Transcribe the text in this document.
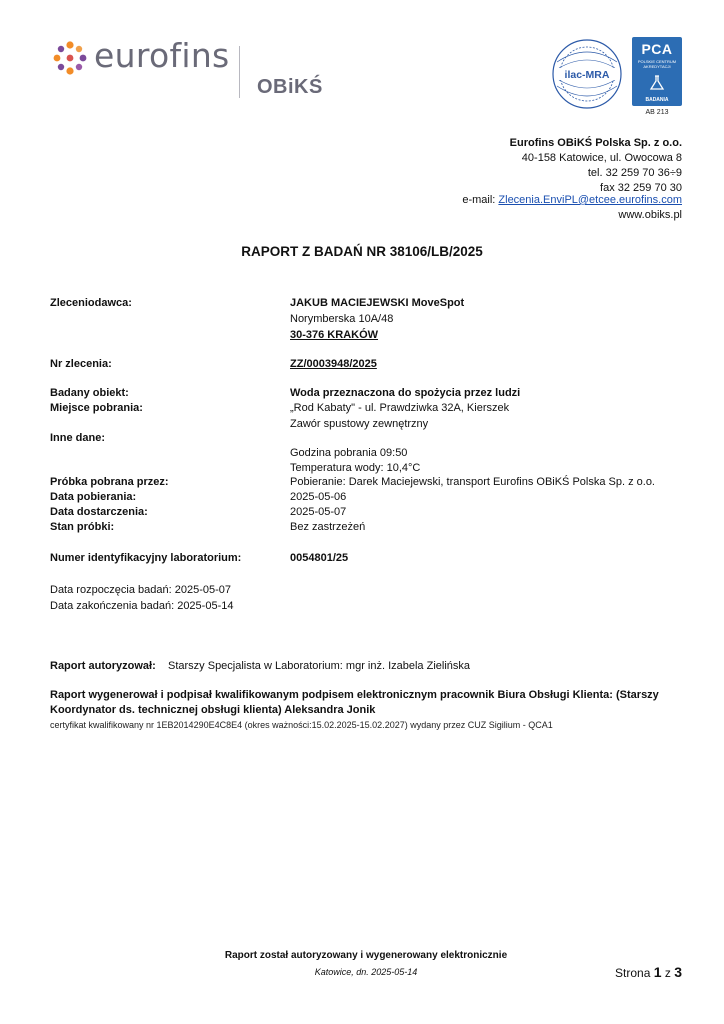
eurofins
OBiKŚ
ilac-MRA
PCA
POLSKIE CENTRUM AKREDYTACJI
BADANIA
AB 213
Eurofins OBiKŚ Polska Sp. z o.o.
40-158 Katowice, ul. Owocowa 8
tel. 32 259 70 36÷9
fax 32 259 70 30
e-mail: Zlecenia.EnviPL@etcee.eurofins.com
www.obiks.pl
RAPORT Z BADAŃ NR 38106/LB/2025
Zleceniodawca:	JAKUB MACIEJEWSKI MoveSpot
Norymberska 10A/48
30-376 KRAKÓW
Nr zlecenia:	ZZ/0003948/2025
Badany obiekt:	Woda przeznaczona do spożycia przez ludzi
Miejsce pobrania:	„Rod Kabaty" - ul. Prawdziwka 32A, Kierszek
Zawór spustowy zewnętrzny
Inne dane:
Godzina pobrania 09:50
Temperatura wody: 10,4°C
Próbka pobrana przez:	Pobieranie: Darek Maciejewski, transport Eurofins OBiKŚ Polska Sp. z o.o.
Data pobierania:	2025-05-06
Data dostarczenia:	2025-05-07
Stan próbki:	Bez zastrzeżeń
Numer identyfikacyjny laboratorium:	0054801/25
Data rozpoczęcia badań: 2025-05-07
Data zakończenia badań: 2025-05-14
Raport autoryzował: Starszy Specjalista w Laboratorium: mgr inż. Izabela Zielińska
Raport wygenerował i podpisał kwalifikowanym podpisem elektronicznym pracownik Biura Obsługi Klienta: (Starszy
Koordynator ds. technicznej obsługi klienta) Aleksandra Jonik
certyfikat kwalifikowany nr 1EB2014290E4C8E4 (okres ważności:15.02.2025-15.02.2027) wydany przez CUZ Sigilium - QCA1
Raport został autoryzowany i wygenerowany elektronicznie
Katowice, dn. 2025-05-14	Strona 1 z 3
